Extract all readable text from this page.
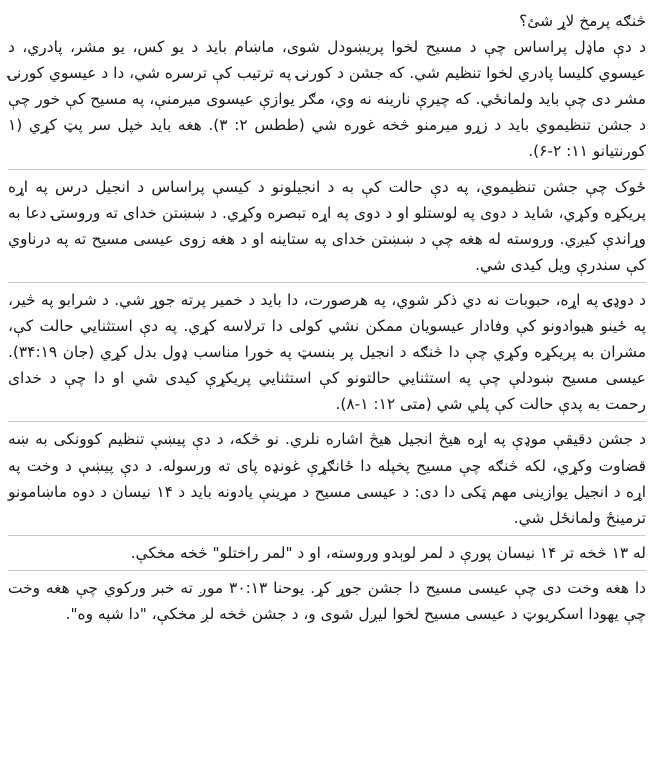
څنګه پرمخ لاړ شئ؟

د دې ماډل پراساس چې د مسیح لخوا پریښودل شوی، ماښام باید د یو کس، یو مشر، پادري، د عیسوي کلیسا پادري لخوا تنظیم شي. که جشن د کورنۍ په ترتیب کې ترسره شي، دا د عیسوي کورنۍ مشر دی چې باید ولمانځي. که چیرې نارینه نه وي، مګر یوازې عیسوی میرمنې، په مسیح کې خور چې د جشن تنظیموي باید د زړو میرمنو څخه غوره شي (ططس ۲: ۳). هغه باید خپل سر پټ کړي (۱ کورنتیانو ۱۱: ۲-۶).

ځوک چې جشن تنظیموي، په دې حالت کې به د انجیلونو د کیسې پراساس د انجیل درس په اړه پریکړه وکړي، شاید د دوی په لوستلو او د دوی په اړه تبصره وکړي. د ښښتن خدای ته وروستۍ دعا به وړاندې کیږي. وروسته له هغه چې د ښښتن خدای په ستاینه او د هغه زوی عیسی مسیح ته په درناوي کې سندرې ویل کیدی شي.

د دوډۍ په اړه، حبوبات نه دي ذکر شوي، په هرصورت، دا باید د خمیر پرته جوړ شي. د شرابو په څیر، په ځینو هیوادونو کې وفادار عیسویان ممکن نشي کولی دا ترلاسه کړي. په دې استثنایي حالت کې، مشران به پریکړه وکړي چې دا څنګه د انجیل پر بنسټ په خورا مناسب ډول بدل کړي (جان ۳۴:۱۹). عیسی مسیح ښودلې چې په استثنایي حالتونو کې استثنایي پریکړې کیدی شي او دا چې د خدای رحمت به پدې حالت کې پلي شي (متی ۱۲: ۱-۸).

د جشن دقیقې موډې په اړه هیڅ انجیل هیڅ اشاره نلري. نو څکه، د دې پیښې تنظیم کوونکی به ښه قضاوت وکړي، لکه څنګه چې مسیح پخپله دا ځانګړې غونډه پای ته ورسوله. د دې پیښې د وخت په اړه د انجیل یوازینی مهم ټکی دا دی: د عیسی مسیح د مړینې یادونه باید د ۱۴ نیسان د دوه ماښامونو ترمینځ ولمانځل شي.

له ۱۳ څخه تر ۱۴ نیسان پورې د لمر لوېدو وروسته، او د "لمر راختلو" څخه مخکې.

دا هغه وخت دی چې عیسی مسیح دا جشن جوړ کړ. یوحنا ۳۰:۱۳ موږ ته خبر ورکوي چې هغه وخت چې یهودا اسکریوټ د عیسی مسیح لخوا لیږل شوی و، د جشن څخه لږ مخکې، "دا شپه وه".
